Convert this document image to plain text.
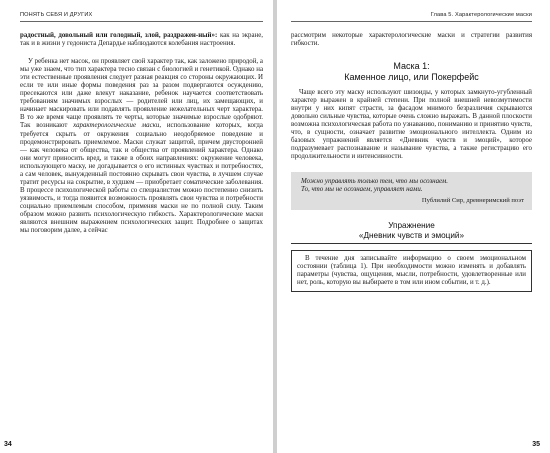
ПОНЯТЬ СЕБЯ И ДРУГИХ

радостный, довольный или голодный, злой, раздражен-ный»: как на экране, так и в жизни у гедониста Депардье наблюдаются колебания настроения.

У ребенка нет масок, он проявляет свой характер так, как заложено природой, а мы уже знаем, что тип характера тесно связан с биологией и генетикой. Однако на эти естественные проявления следует разная реакция со стороны окружающих. И если те или иные формы поведения раз за разом подвергаются осуждению, пресекаются или даже влекут наказание, ребенок научается соответствовать требованиям значимых взрослых — родителей или лиц, их замещающих, и начинает маскировать или подавлять проявление нежелательных черт характера. В то же время чаще проявлять те черты, которые значимые взрослые одобряют. Так возникают характерологические маски, использование которых, когда требуется скрыть от окружения социально неодобряемое поведение и продемонстрировать приемлемое. Маски служат защитой, причем двусторонней — как человека от общества, так и общества от проявлений характера. Однако они могут приносить вред, и также в обоих направлениях: окружение человека, использующего маску, не догадывается о его истинных чувствах и потребностях, а сам человек, вынужденный постоянно скрывать свои чувства, в лучшем случае тратит ресурсы на сокрытие, в худшем — приобретает соматические заболевания. В процессе психологической работы со специалистом можно постепенно снизить уязвимость, и тогда появится возможность проявлять свои чувства и потребности социально приемлемым способом, применяя маски не по полной силу. Таким образом можно развить психологическую гибкость. Характерологические маски являются внешним выражением психологических защит. Подробнее о защитах мы поговорим далее, а сейчас

34
Глава 5. Характерологические маски

рассмотрим некоторые характерологические маски и стратегии развития гибкости.

Маска 1:
Каменное лицо, или Покерфейс

Чаще всего эту маску используют шизоиды, у которых замкнуто-угубленный характер выражен в крайней степени. При полной внешней невозмутимости внутри у них кипят страсти, за фасадом мнимого безразличия скрываются довольно сильные чувства, которые очень сложно выражать. В данной плоскости возможна психологическая работа по узнаванию, пониманию и принятию чувств, что, в сущности, означает развитие эмоционального интеллекта. Одним из базовых упражнений является «Дневник чувств и эмоций», которое подразумевает распознавание и называние чувства, а также регистрацию его продолжительности и интенсивности.

Можно управлять только тем, что мы осознаем.
То, что мы не осознаем, управляет нами.
Публилий Сир, древнеримский поэт
Упражнение
«Дневник чувств и эмоций»

В течение дня записывайте информацию о своем эмоциональном состоянии (таблица 1). При необходимости можно изменять и добавлять параметры (чувства, ощущения, мысли, потребности, удовлетворенные или нет, роль, которую вы выбираете в том или ином событии, и т. д.).

35
